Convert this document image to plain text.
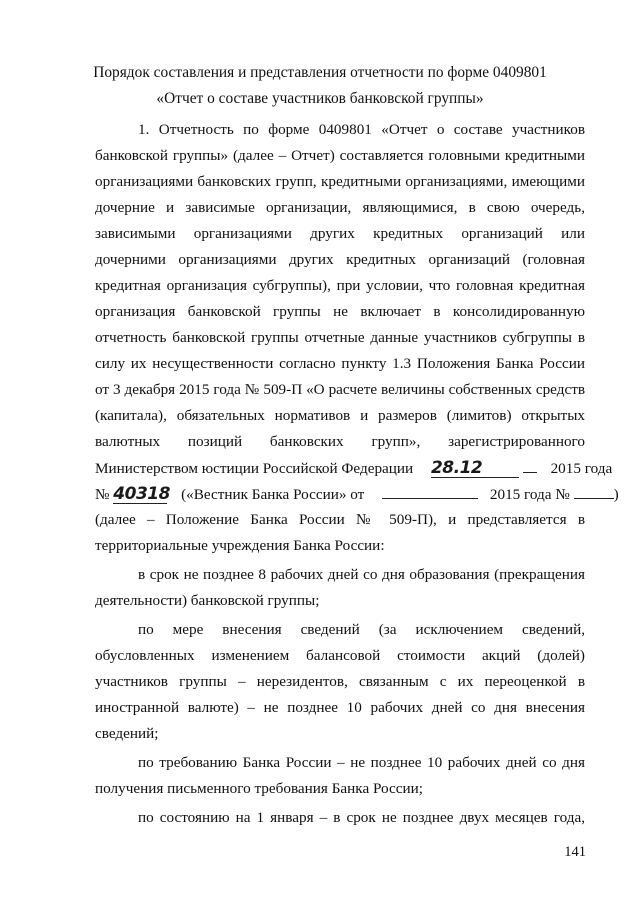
Порядок составления и представления отчетности по форме 0409801
«Отчет о составе участников банковской группы»
1. Отчетность по форме 0409801 «Отчет о составе участников
банковской группы» (далее – Отчет) составляется головными кредитными
организациями банковских групп, кредитными организациями, имеющими
дочерние и зависимые организации, являющимися, в свою очередь,
зависимыми организациями других кредитных организаций или
дочерними организациями других кредитных организаций (головная
кредитная организация субгруппы), при условии, что головная кредитная
организация банковской группы не включает в консолидированную
отчетность банковской группы отчетные данные участников субгруппы в
силу их несущественности согласно пункту 1.3 Положения Банка России
от 3 декабря 2015 года № 509-П «О расчете величины собственных средств
(капитала), обязательных нормативов и размеров (лимитов) открытых
валютных позиций банковских групп», зарегистрированного
Министерством юстиции Российской Федерации 28.12	2015 года
№ 40318 («Вестник Банка России» от	2015 года №	)
(далее – Положение Банка России № 509-П), и представляется в
территориальные учреждения Банка России:
в срок не позднее 8 рабочих дней со дня образования (прекращения
деятельности) банковской группы;
по мере внесения сведений (за исключением сведений,
обусловленных изменением балансовой стоимости акций (долей)
участников группы – нерезидентов, связанным с их переоценкой в
иностранной валюте) – не позднее 10 рабочих дней со дня внесения
сведений;
по требованию Банка России – не позднее 10 рабочих дней со дня
получения письменного требования Банка России;
по состоянию на 1 января – в срок не позднее двух месяцев года,
141
